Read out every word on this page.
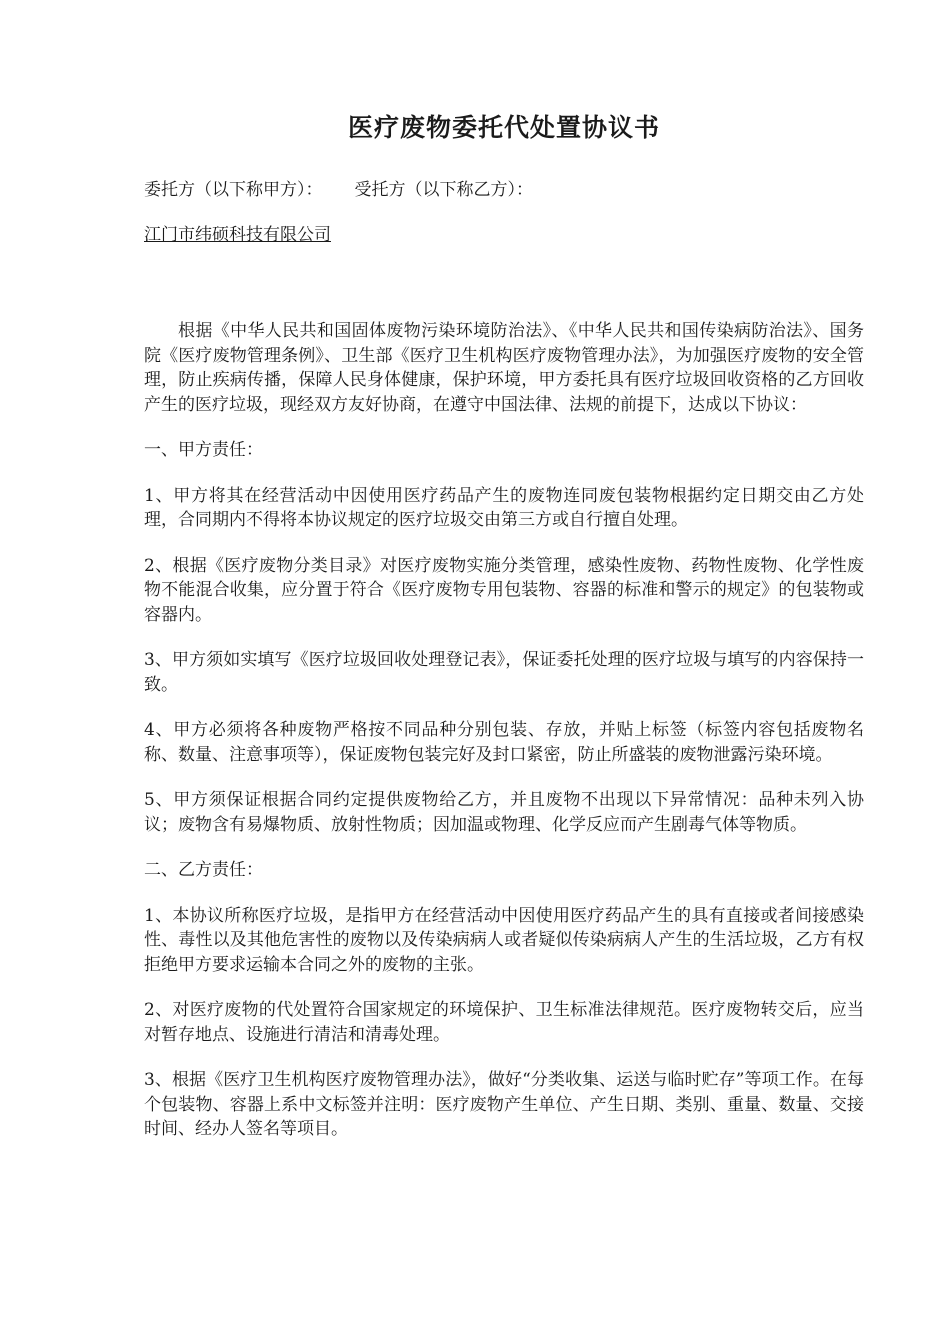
医疗废物委托代处置协议书
委托方（以下称甲方）： 受托方（以下称乙方）：
江门市纬硕科技有限公司

根据《中华人民共和国固体废物污染环境防治法》、《中华人民共和国传染病防治法》、国务院《医疗废物管理条例》、卫生部《医疗卫生机构医疗废物管理办法》，为加强医疗废物的安全管理，防止疾病传播，保障人民身体健康，保护环境，甲方委托具有医疗垃圾回收资格的乙方回收产生的医疗垃圾，现经双方友好协商，在遵守中国法律、法规的前提下，达成以下协议：

一、甲方责任：

1、甲方将其在经营活动中因使用医疗药品产生的废物连同废包装物根据约定日期交由乙方处理，合同期内不得将本协议规定的医疗垃圾交由第三方或自行擅自处理。

2、根据《医疗废物分类目录》对医疗废物实施分类管理，感染性废物、药物性废物、化学性废物不能混合收集，应分置于符合《医疗废物专用包装物、容器的标准和警示的规定》的包装物或容器内。

3、甲方须如实填写《医疗垃圾回收处理登记表》，保证委托处理的医疗垃圾与填写的内容保持一致。

4、甲方必须将各种废物严格按不同品种分别包装、存放，并贴上标签（标签内容包括废物名称、数量、注意事项等），保证废物包装完好及封口紧密，防止所盛装的废物泄露污染环境。

5、甲方须保证根据合同约定提供废物给乙方，并且废物不出现以下异常情况：品种未列入协议；废物含有易爆物质、放射性物质；因加温或物理、化学反应而产生剧毒气体等物质。

二、乙方责任：

1、本协议所称医疗垃圾，是指甲方在经营活动中因使用医疗药品产生的具有直接或者间接感染性、毒性以及其他危害性的废物以及传染病病人或者疑似传染病病人产生的生活垃圾，乙方有权拒绝甲方要求运输本合同之外的废物的主张。

2、对医疗废物的代处置符合国家规定的环境保护、卫生标准法律规范。医疗废物转交后，应当对暂存地点、设施进行清洁和清毒处理。

3、根据《医疗卫生机构医疗废物管理办法》，做好“分类收集、运送与临时贮存”等项工作。在每个包装物、容器上系中文标签并注明：医疗废物产生单位、产生日期、类别、重量、数量、交接时间、经办人签名等项目。
